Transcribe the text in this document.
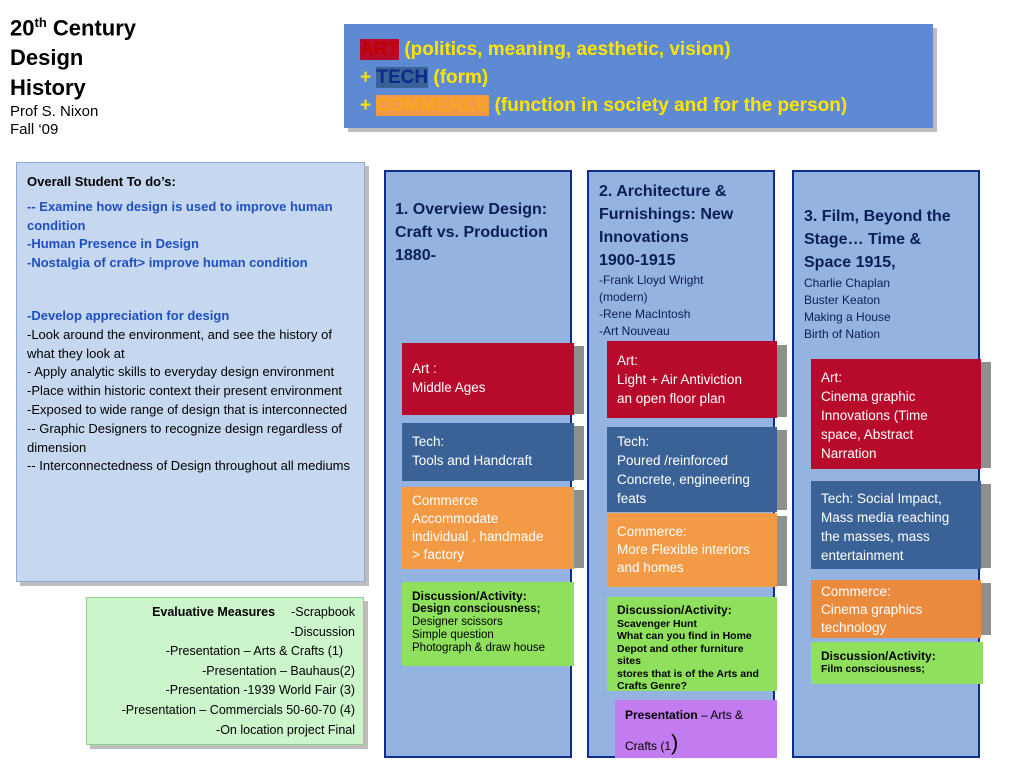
20th Century
Design
History
Prof S. Nixon
Fall ‘09
ART (politics, meaning, aesthetic, vision)
+ TECH (form)
+ COMMERCE (function in society and for the person)
Overall Student To do’s:
-- Examine how design is used to improve human condition
-Human Presence in Design
-Nostalgia of craft> improve human condition
-Develop appreciation for design
-Look around the environment, and see the history of what they look at
- Apply analytic skills to everyday design environment
-Place within historic context their present environment
-Exposed to wide range of design that is interconnected
-- Graphic Designers to recognize design regardless of dimension
-- Interconnectedness of Design throughout all mediums
Evaluative Measures -Scrapbook
-Discussion
-Presentation – Arts & Crafts (1)
-Presentation – Bauhaus(2)
-Presentation -1939 World Fair (3)
-Presentation – Commercials 50-60-70 (4)
-On location project Final
1. Overview Design:
Craft vs. Production
1880-
Art :
Middle Ages
Tech:
Tools and Handcraft
Commerce
Accommodate
individual , handmade
> factory
Discussion/Activity:
Design consciousness;
Designer scissors
Simple question
Photograph & draw house
2. Architecture &
Furnishings: New
Innovations
1900-1915
-Frank Lloyd Wright
(modern)
-Rene MacIntosh
-Art Nouveau
Art:
Light + Air Antiviction
an open floor plan
Tech:
Poured /reinforced
Concrete, engineering
feats
Commerce:
More Flexible interiors
and homes
Discussion/Activity:
Scavenger Hunt
What can you find in Home
Depot and other furniture sites
stores that is of the Arts and
Crafts Genre?
Presentation – Arts &
Crafts (1)
3. Film, Beyond the
Stage… Time &
Space 1915,
Charlie Chaplan
Buster Keaton
Making a House
Birth of Nation
Art:
Cinema graphic
Innovations (Time
space, Abstract
Narration
Tech: Social Impact,
Mass media reaching
the masses, mass
entertainment
Commerce:
Cinema graphics
technology
Discussion/Activity:
Film consciousness;
